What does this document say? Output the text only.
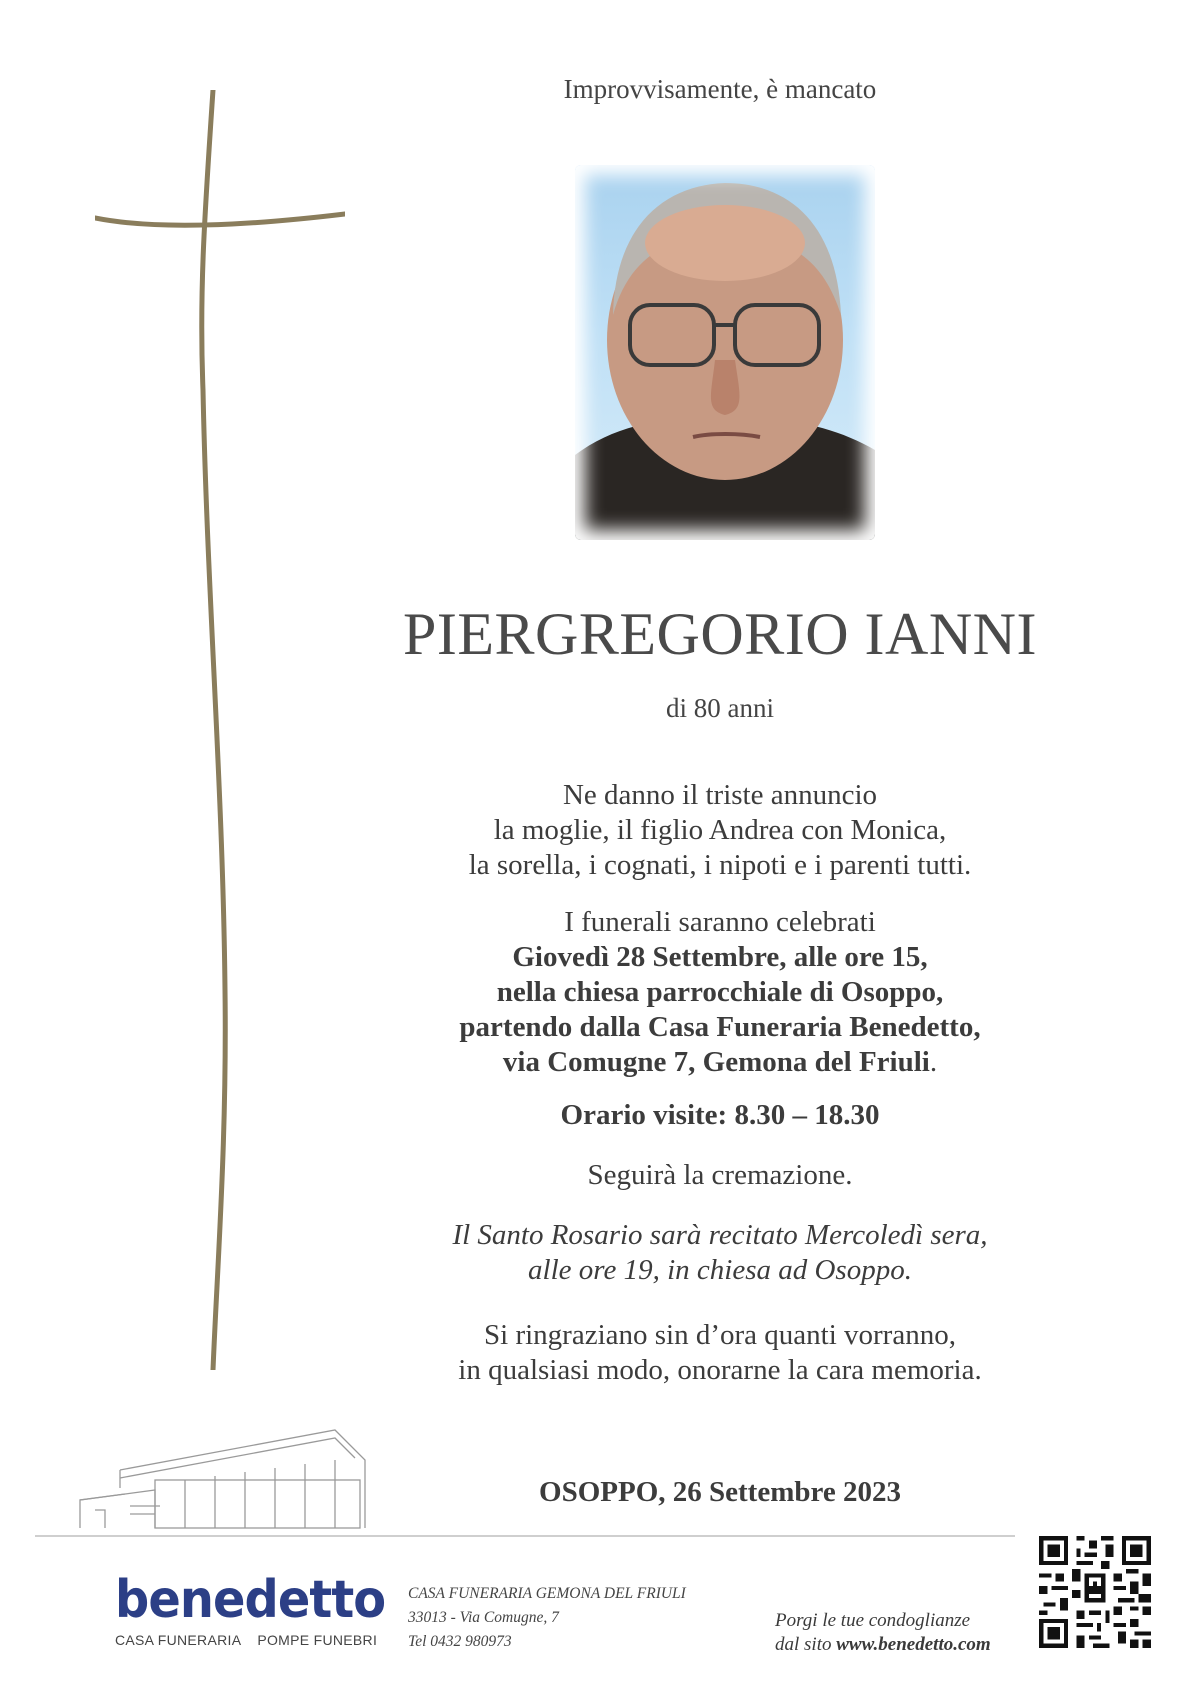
Improvvisamente, è mancato
PIERGREGORIO IANNI
di 80 anni
Ne danno il triste annuncio
la moglie, il figlio Andrea con Monica,
la sorella, i cognati, i nipoti e i parenti tutti.
I funerali saranno celebrati
Giovedì 28 Settembre, alle ore 15,
nella chiesa parrocchiale di Osoppo,
partendo dalla Casa Funeraria Benedetto,
via Comugne 7, Gemona del Friuli.
Orario visite: 8.30 – 18.30
Seguirà la cremazione.
Il Santo Rosario sarà recitato Mercoledì sera,
alle ore 19, in chiesa ad Osoppo.
Si ringraziano sin d’ora quanti vorranno,
in qualsiasi modo, onorarne la cara memoria.
OSOPPO, 26 Settembre 2023
benedetto
CASA FUNERARIA POMPE FUNEBRI
CASA FUNERARIA GEMONA DEL FRIULI
33013 - Via Comugne, 7
Tel 0432 980973
Porgi le tue condoglianze
dal sito www.benedetto.com
